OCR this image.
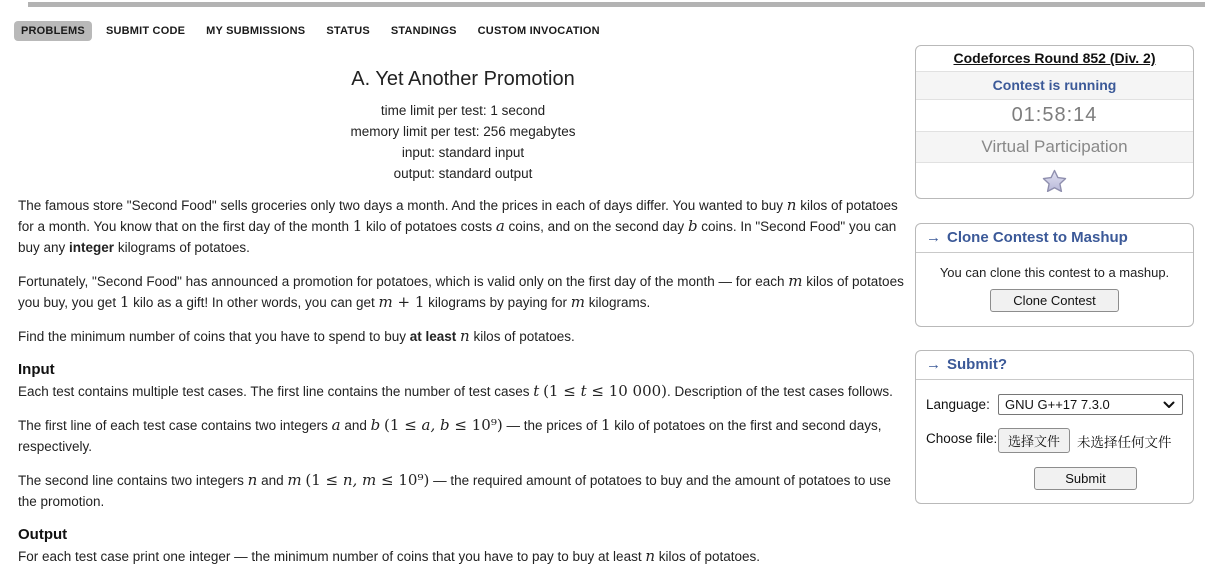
PROBLEMS	SUBMIT CODE	MY SUBMISSIONS	STATUS	STANDINGS	CUSTOM INVOCATION
A. Yet Another Promotion
time limit per test: 1 second
memory limit per test: 256 megabytes
input: standard input
output: standard output

The famous store "Second Food" sells groceries only two days a month. And the prices in each of days differ. You wanted to buy n kilos of potatoes for a month. You know that on the first day of the month 1 kilo of potatoes costs a coins, and on the second day b coins. In "Second Food" you can buy any integer kilograms of potatoes.

Fortunately, "Second Food" has announced a promotion for potatoes, which is valid only on the first day of the month — for each m kilos of potatoes you buy, you get 1 kilo as a gift! In other words, you can get m + 1 kilograms by paying for m kilograms.

Find the minimum number of coins that you have to spend to buy at least n kilos of potatoes.

Input

Each test contains multiple test cases. The first line contains the number of test cases t (1 ≤ t ≤ 10 000). Description of the test cases follows.

The first line of each test case contains two integers a and b (1 ≤ a, b ≤ 10⁹) — the prices of 1 kilo of potatoes on the first and second days, respectively.

The second line contains two integers n and m (1 ≤ n, m ≤ 10⁹) — the required amount of potatoes to buy and the amount of potatoes to use the promotion.

Output

For each test case print one integer — the minimum number of coins that you have to pay to buy at least n kilos of potatoes.

Codeforces Round 852 (Div. 2)
Contest is running
01:58:14
Virtual Participation
→ Clone Contest to Mashup
You can clone this contest to a mashup.
Clone Contest
→ Submit?
Language:	GNU G++17 7.3.0
Choose file: 选择文件	未选择任何文件
Submit
